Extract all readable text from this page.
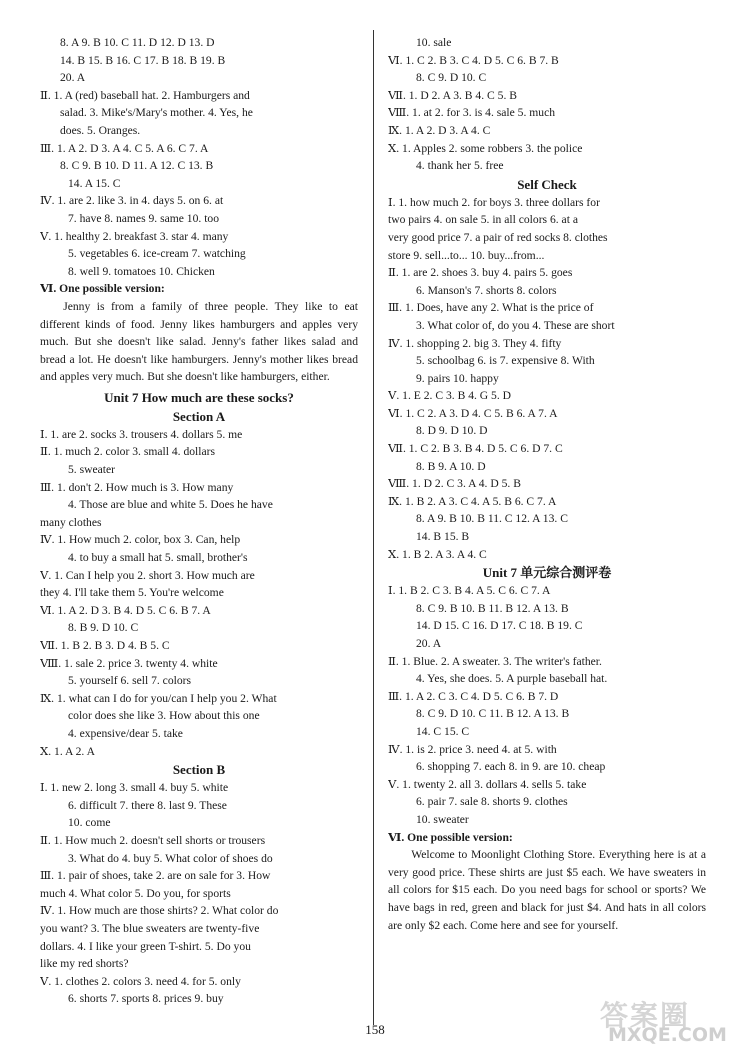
8. A 9. B 10. C 11. D 12. D 13. D
14. B 15. B 16. C 17. B 18. B 19. B
20. A
Ⅱ. 1. A (red) baseball hat. 2. Hamburgers and
salad. 3. Mike's/Mary's mother. 4. Yes, he
does. 5. Oranges.
Ⅲ. 1. A 2. D 3. A 4. C 5. A 6. C 7. A
8. C 9. B 10. D 11. A 12. C 13. B
14. A 15. C
Ⅳ. 1. are 2. like 3. in 4. days 5. on 6. at
7. have 8. names 9. same 10. too
Ⅴ. 1. healthy 2. breakfast 3. star 4. many
5. vegetables 6. ice-cream 7. watching
8. well 9. tomatoes 10. Chicken
Ⅵ. One possible version:
Jenny is from a family of three people. They like to eat different kinds of food. Jenny likes hamburgers and apples very much. But she doesn't like salad. Jenny's father likes salad and bread a lot. He doesn't like hamburgers. Jenny's mother likes bread and apples very much. But she doesn't like hamburgers, either.
Unit 7 How much are these socks?
Section A
Ⅰ. 1. are 2. socks 3. trousers 4. dollars 5. me
Ⅱ. 1. much 2. color 3. small 4. dollars
5. sweater
Ⅲ. 1. don't 2. How much is 3. How many
4. Those are blue and white 5. Does he have
many clothes
Ⅳ. 1. How much 2. color, box 3. Can, help
4. to buy a small hat 5. small, brother's
Ⅴ. 1. Can I help you 2. short 3. How much are
they 4. I'll take them 5. You're welcome
Ⅵ. 1. A 2. D 3. B 4. D 5. C 6. B 7. A
8. B 9. D 10. C
Ⅶ. 1. B 2. B 3. D 4. B 5. C
Ⅷ. 1. sale 2. price 3. twenty 4. white
5. yourself 6. sell 7. colors
Ⅸ. 1. what can I do for you/can I help you 2. What
color does she like 3. How about this one
4. expensive/dear 5. take
Ⅹ. 1. A 2. A
Section B
Ⅰ. 1. new 2. long 3. small 4. buy 5. white
6. difficult 7. there 8. last 9. These
10. come
Ⅱ. 1. How much 2. doesn't sell shorts or trousers
3. What do 4. buy 5. What color of shoes do
Ⅲ. 1. pair of shoes, take 2. are on sale for 3. How
much 4. What color 5. Do you, for sports
Ⅳ. 1. How much are those shirts? 2. What color do
you want? 3. The blue sweaters are twenty-five
dollars. 4. I like your green T-shirt. 5. Do you
like my red shorts?
Ⅴ. 1. clothes 2. colors 3. need 4. for 5. only
6. shorts 7. sports 8. prices 9. buy
10. sale
Ⅵ. 1. C 2. B 3. C 4. D 5. C 6. B 7. B
8. C 9. D 10. C
Ⅶ. 1. D 2. A 3. B 4. C 5. B
Ⅷ. 1. at 2. for 3. is 4. sale 5. much
Ⅸ. 1. A 2. D 3. A 4. C
Ⅹ. 1. Apples 2. some robbers 3. the police
4. thank her 5. free
Self Check
Ⅰ. 1. how much 2. for boys 3. three dollars for
two pairs 4. on sale 5. in all colors 6. at a
very good price 7. a pair of red socks 8. clothes
store 9. sell...to... 10. buy...from...
Ⅱ. 1. are 2. shoes 3. buy 4. pairs 5. goes
6. Manson's 7. shorts 8. colors
Ⅲ. 1. Does, have any 2. What is the price of
3. What color of, do you 4. These are short
Ⅳ. 1. shopping 2. big 3. They 4. fifty
5. schoolbag 6. is 7. expensive 8. With
9. pairs 10. happy
Ⅴ. 1. E 2. C 3. B 4. G 5. D
Ⅵ. 1. C 2. A 3. D 4. C 5. B 6. A 7. A
8. D 9. D 10. D
Ⅶ. 1. C 2. B 3. B 4. D 5. C 6. D 7. C
8. B 9. A 10. D
Ⅷ. 1. D 2. C 3. A 4. D 5. B
Ⅸ. 1. B 2. A 3. C 4. A 5. B 6. C 7. A
8. A 9. B 10. B 11. C 12. A 13. C
14. B 15. B
Ⅹ. 1. B 2. A 3. A 4. C
Unit 7 单元综合测评卷
Ⅰ. 1. B 2. C 3. B 4. A 5. C 6. C 7. A
8. C 9. B 10. B 11. B 12. A 13. B
14. D 15. C 16. D 17. C 18. B 19. C
20. A
Ⅱ. 1. Blue. 2. A sweater. 3. The writer's father.
4. Yes, she does. 5. A purple baseball hat.
Ⅲ. 1. A 2. C 3. C 4. D 5. C 6. B 7. D
8. C 9. D 10. C 11. B 12. A 13. B
14. C 15. C
Ⅳ. 1. is 2. price 3. need 4. at 5. with
6. shopping 7. each 8. in 9. are 10. cheap
Ⅴ. 1. twenty 2. all 3. dollars 4. sells 5. take
6. pair 7. sale 8. shorts 9. clothes
10. sweater
Ⅵ. One possible version:
Welcome to Moonlight Clothing Store. Everything here is at a very good price. These shirts are just $5 each. We have sweaters in all colors for $15 each. Do you need bags for school or sports? We have bags in red, green and black for just $4. And hats in all colors are only $2 each. Come here and see for yourself.
158	答案圈
MXQE.COM
